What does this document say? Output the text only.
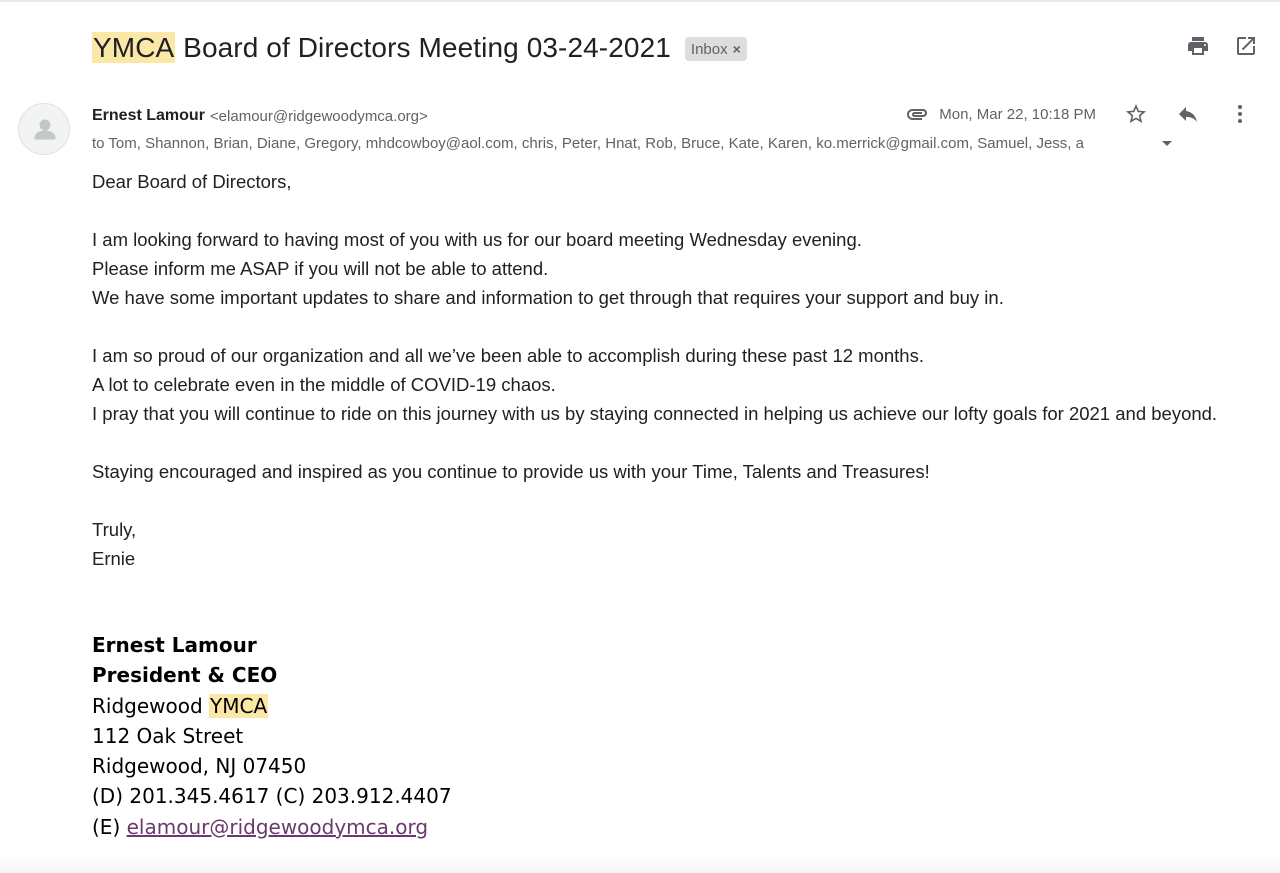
YMCA Board of Directors Meeting 03-24-2021 Inbox ×
Ernest Lamour <elamour@ridgewoodymca.org>	Mon, Mar 22, 10:18 PM
to Tom, Shannon, Brian, Diane, Gregory, mhdcowboy@aol.com, chris, Peter, Hnat, Rob, Bruce, Kate, Karen, ko.merrick@gmail.com, Samuel, Jess, a

Dear Board of Directors,

I am looking forward to having most of you with us for our board meeting Wednesday evening.

Please inform me ASAP if you will not be able to attend.

We have some important updates to share and information to get through that requires your support and buy in.

I am so proud of our organization and all we’ve been able to accomplish during these past 12 months.

A lot to celebrate even in the middle of COVID-19 chaos.

I pray that you will continue to ride on this journey with us by staying connected in helping us achieve our lofty goals for 2021 and beyond.

Staying encouraged and inspired as you continue to provide us with your Time, Talents and Treasures!

Truly,

Ernie

Ernest Lamour
President & CEO
Ridgewood YMCA
112 Oak Street
Ridgewood, NJ 07450
(D) 201.345.4617 (C) 203.912.4407
(E) elamour@ridgewoodymca.org
